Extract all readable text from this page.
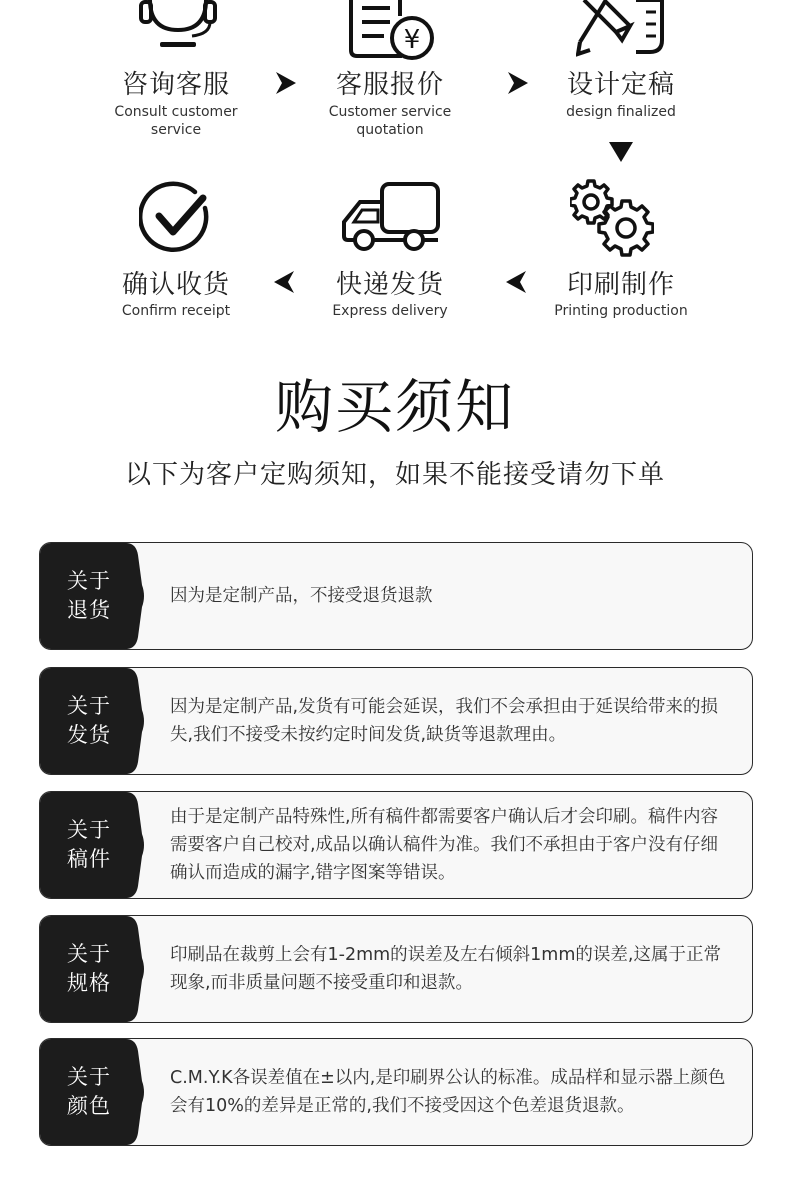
咨询客服
Consult customer service
¥
客服报价
Customer service quotation
设计定稿
design finalized
确认收货
Confirm receipt
快递发货
Express delivery
印刷制作
Printing production
购买须知
以下为客户定购须知，如果不能接受请勿下单
关于
退货
因为是定制产品，不接受退货退款
关于
发货
因为是定制产品,发货有可能会延误，我们不会承担由于延误给带来的损失,我们不接受未按约定时间发货,缺货等退款理由。
关于
稿件
由于是定制产品特殊性,所有稿件都需要客户确认后才会印刷。稿件内容需要客户自己校对,成品以确认稿件为准。我们不承担由于客户没有仔细确认而造成的漏字,错字图案等错误。
关于
规格
印刷品在裁剪上会有1-2mm的误差及左右倾斜1mm的误差,这属于正常现象,而非质量问题不接受重印和退款。
关于
颜色
C.M.Y.K各误差值在±以内,是印刷界公认的标准。成品样和显示器上颜色会有10%的差异是正常的,我们不接受因这个色差退货退款。
